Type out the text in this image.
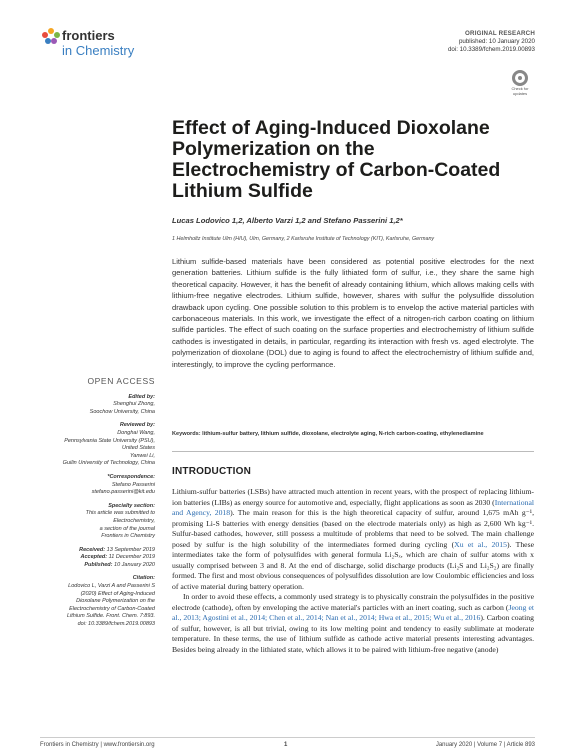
frontiers
in Chemistry
ORIGINAL RESEARCH
published: 10 January 2020
doi: 10.3389/fchem.2019.00893
Check for updates
Effect of Aging-Induced Dioxolane Polymerization on the Electrochemistry of Carbon-Coated Lithium Sulfide
Lucas Lodovico 1,2, Alberto Varzi 1,2 and Stefano Passerini 1,2*
1 Helmholtz Institute Ulm (HIU), Ulm, Germany, 2 Karlsruhe Institute of Technology (KIT), Karlsruhe, Germany
Lithium sulfide-based materials have been considered as potential positive electrodes for the next generation batteries. Lithium sulfide is the fully lithiated form of sulfur, i.e., they share the same high theoretical capacity. However, it has the benefit of already containing lithium, which allows making cells with lithium-free negative electrodes. Lithium sulfide, however, shares with sulfur the polysulfide dissolution drawback upon cycling. One possible solution to this problem is to envelop the active material particles with carbonaceous materials. In this work, we investigate the effect of a nitrogen-rich carbon coating on lithium sulfide particles. The effect of such coating on the surface properties and electrochemistry of lithium sulfide cathodes is investigated in details, in particular, regarding its interaction with fresh vs. aged electrolyte. The polymerization of dioxolane (DOL) due to aging is found to affect the electrochemistry of lithium sulfide and, interestingly, to improve the cycling performance.
Keywords: lithium-sulfur battery, lithium sulfide, dioxolane, electrolyte aging, N-rich carbon-coating, ethylenediamine
OPEN ACCESS
Edited by:
Shenghui Zhong,
Soochow University, China
Reviewed by:
Donghai Wang,
Pennsylvania State University (PSU),
United States
Yanwei Li,
Guilin University of Technology, China
*Correspondence:
Stefano Passerini
stefano.passerini@kit.edu
Specialty section:
This article was submitted to
Electrochemistry,
a section of the journal
Frontiers in Chemistry
Received: 13 September 2019
Accepted: 11 December 2019
Published: 10 January 2020
Citation:
Lodovico L, Varzi A and Passerini S
(2020) Effect of Aging-Induced
Dioxolane Polymerization on the
Electrochemistry of Carbon-Coated
Lithium Sulfide. Front. Chem. 7:893.
doi: 10.3389/fchem.2019.00893
INTRODUCTION

Lithium-sulfur batteries (LSBs) have attracted much attention in recent years, with the prospect of replacing lithium-ion batteries (LIBs) as energy source for automotive and, especially, flight applications as soon as 2030 (International and Agency, 2018). The main reason for this is the high theoretical capacity of sulfur, around 1,675 mAh g⁻¹, promising Li-S batteries with energy densities (based on the electrode materials only) as high as 2,600 Wh kg⁻¹. Sulfur-based cathodes, however, still possess a multitude of problems that need to be solved. The main challenge posed by sulfur is the high solubility of the intermediates formed during cycling (Xu et al., 2015). These intermediates take the form of polysulfides with general formula Li₂Sₓ, which are chain of sulfur atoms with x usually comprised between 3 and 8. At the end of discharge, solid discharge products (Li₂S and Li₂S₂) are finally formed. The first and most obvious consequences of polysulfides dissolution are low Coulombic efficiencies and loss of active material during battery operation.

In order to avoid these effects, a commonly used strategy is to physically constrain the polysulfides in the positive electrode (cathode), often by enveloping the active material's particles with an inert coating, such as carbon (Jeong et al., 2013; Agostini et al., 2014; Chen et al., 2014; Nan et al., 2014; Hwa et al., 2015; Wu et al., 2016). Carbon coating of sulfur, however, is all but trivial, owing to its low melting point and tendency to easily sublimate at moderate temperature. In these terms, the use of lithium sulfide as cathode active material presents interesting advantages. Besides being already in the lithiated state, which allows it to be paired with lithium-free negative (anode)

Frontiers in Chemistry | www.frontiersin.org	1	January 2020 | Volume 7 | Article 893
